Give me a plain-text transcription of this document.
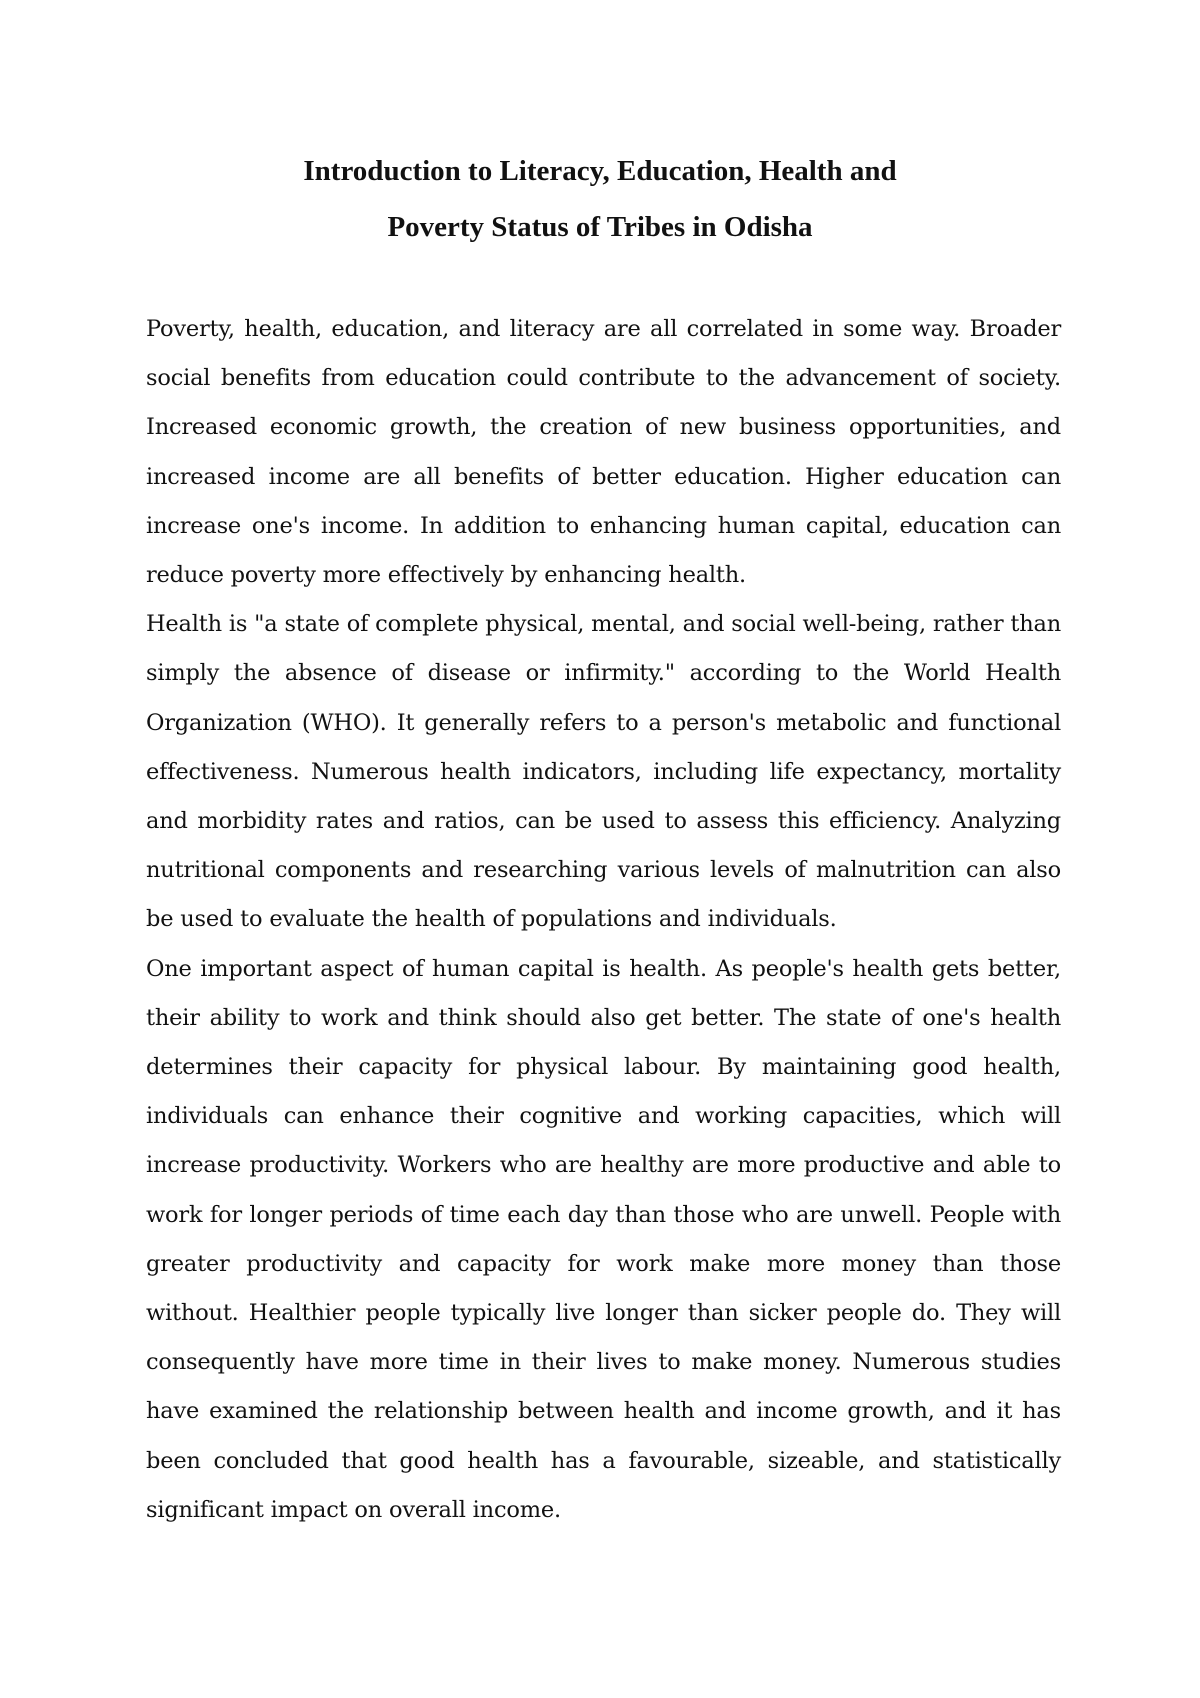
Introduction to Literacy, Education, Health and

Poverty Status of Tribes in Odisha

Poverty, health, education, and literacy are all correlated in some way. Broader social benefits from education could contribute to the advancement of society. Increased economic growth, the creation of new business opportunities, and increased income are all benefits of better education. Higher education can increase one's income. In addition to enhancing human capital, education can reduce poverty more effectively by enhancing health.

Health is "a state of complete physical, mental, and social well-being, rather than simply the absence of disease or infirmity." according to the World Health Organization (WHO). It generally refers to a person's metabolic and functional effectiveness. Numerous health indicators, including life expectancy, mortality and morbidity rates and ratios, can be used to assess this efficiency. Analyzing nutritional components and researching various levels of malnutrition can also be used to evaluate the health of populations and individuals.

One important aspect of human capital is health. As people's health gets better, their ability to work and think should also get better. The state of one's health determines their capacity for physical labour. By maintaining good health, individuals can enhance their cognitive and working capacities, which will increase productivity. Workers who are healthy are more productive and able to work for longer periods of time each day than those who are unwell. People with greater productivity and capacity for work make more money than those without. Healthier people typically live longer than sicker people do. They will consequently have more time in their lives to make money. Numerous studies have examined the relationship between health and income growth, and it has been concluded that good health has a favourable, sizeable, and statistically significant impact on overall income.
